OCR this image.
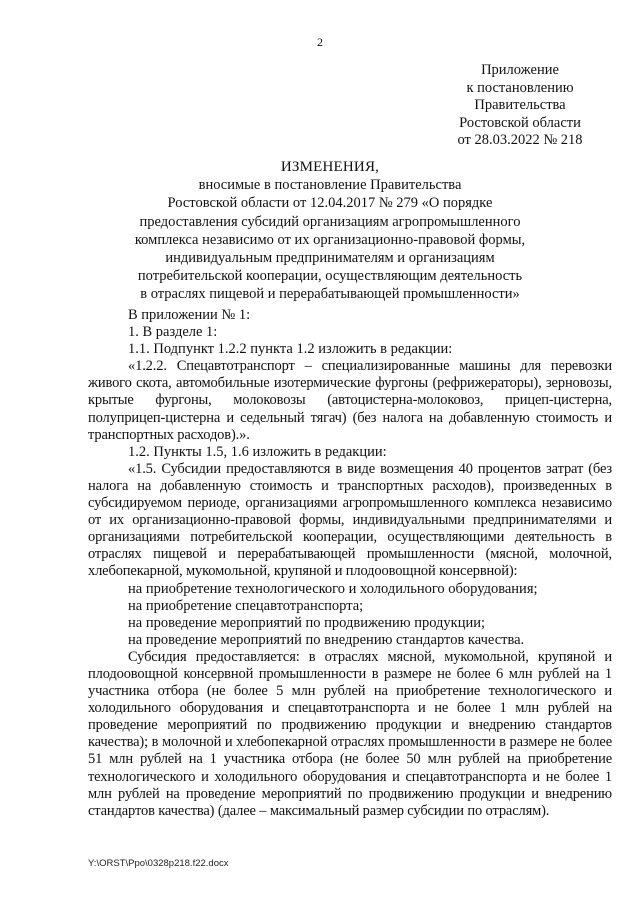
2
Приложение
к постановлению
Правительства
Ростовской области
от 28.03.2022 № 218
ИЗМЕНЕНИЯ,
вносимые в постановление Правительства
Ростовской области от 12.04.2017 № 279 «О порядке
предоставления субсидий организациям агропромышленного
комплекса независимо от их организационно-правовой формы,
индивидуальным предпринимателям и организациям
потребительской кооперации, осуществляющим деятельность
в отраслях пищевой и перерабатывающей промышленности»

В приложении № 1:

1. В разделе 1:

1.1. Подпункт 1.2.2 пункта 1.2 изложить в редакции:

«1.2.2. Спецавтотранспорт – специализированные машины для перевозки живого скота, автомобильные изотермические фургоны (рефрижераторы), зерновозы, крытые фургоны, молоковозы (автоцистерна-молоковоз, прицеп-цистерна, полуприцеп-цистерна и седельный тягач) (без налога на добавленную стоимость и транспортных расходов).».

1.2. Пункты 1.5, 1.6 изложить в редакции:

«1.5. Субсидии предоставляются в виде возмещения 40 процентов затрат (без налога на добавленную стоимость и транспортных расходов), произведенных в субсидируемом периоде, организациями агропромышленного комплекса независимо от их организационно-правовой формы, индивидуальными предпринимателями и организациями потребительской кооперации, осуществляющими деятельность в отраслях пищевой и перерабатывающей промышленности (мясной, молочной, хлебопекарной, мукомольной, крупяной и плодоовощной консервной):

на приобретение технологического и холодильного оборудования;

на приобретение спецавтотранспорта;

на проведение мероприятий по продвижению продукции;

на проведение мероприятий по внедрению стандартов качества.

Субсидия предоставляется: в отраслях мясной, мукомольной, крупяной и плодоовощной консервной промышленности в размере не более 6 млн рублей на 1 участника отбора (не более 5 млн рублей на приобретение технологического и холодильного оборудования и спецавтотранспорта и не более 1 млн рублей на проведение мероприятий по продвижению продукции и внедрению стандартов качества); в молочной и хлебопекарной отраслях промышленности в размере не более 51 млн рублей на 1 участника отбора (не более 50 млн рублей на приобретение технологического и холодильного оборудования и спецавтотранспорта и не более 1 млн рублей на проведение мероприятий по продвижению продукции и внедрению стандартов качества) (далее – максимальный размер субсидии по отраслям).

Y:\ORST\Ppo\0328p218.f22.docx
